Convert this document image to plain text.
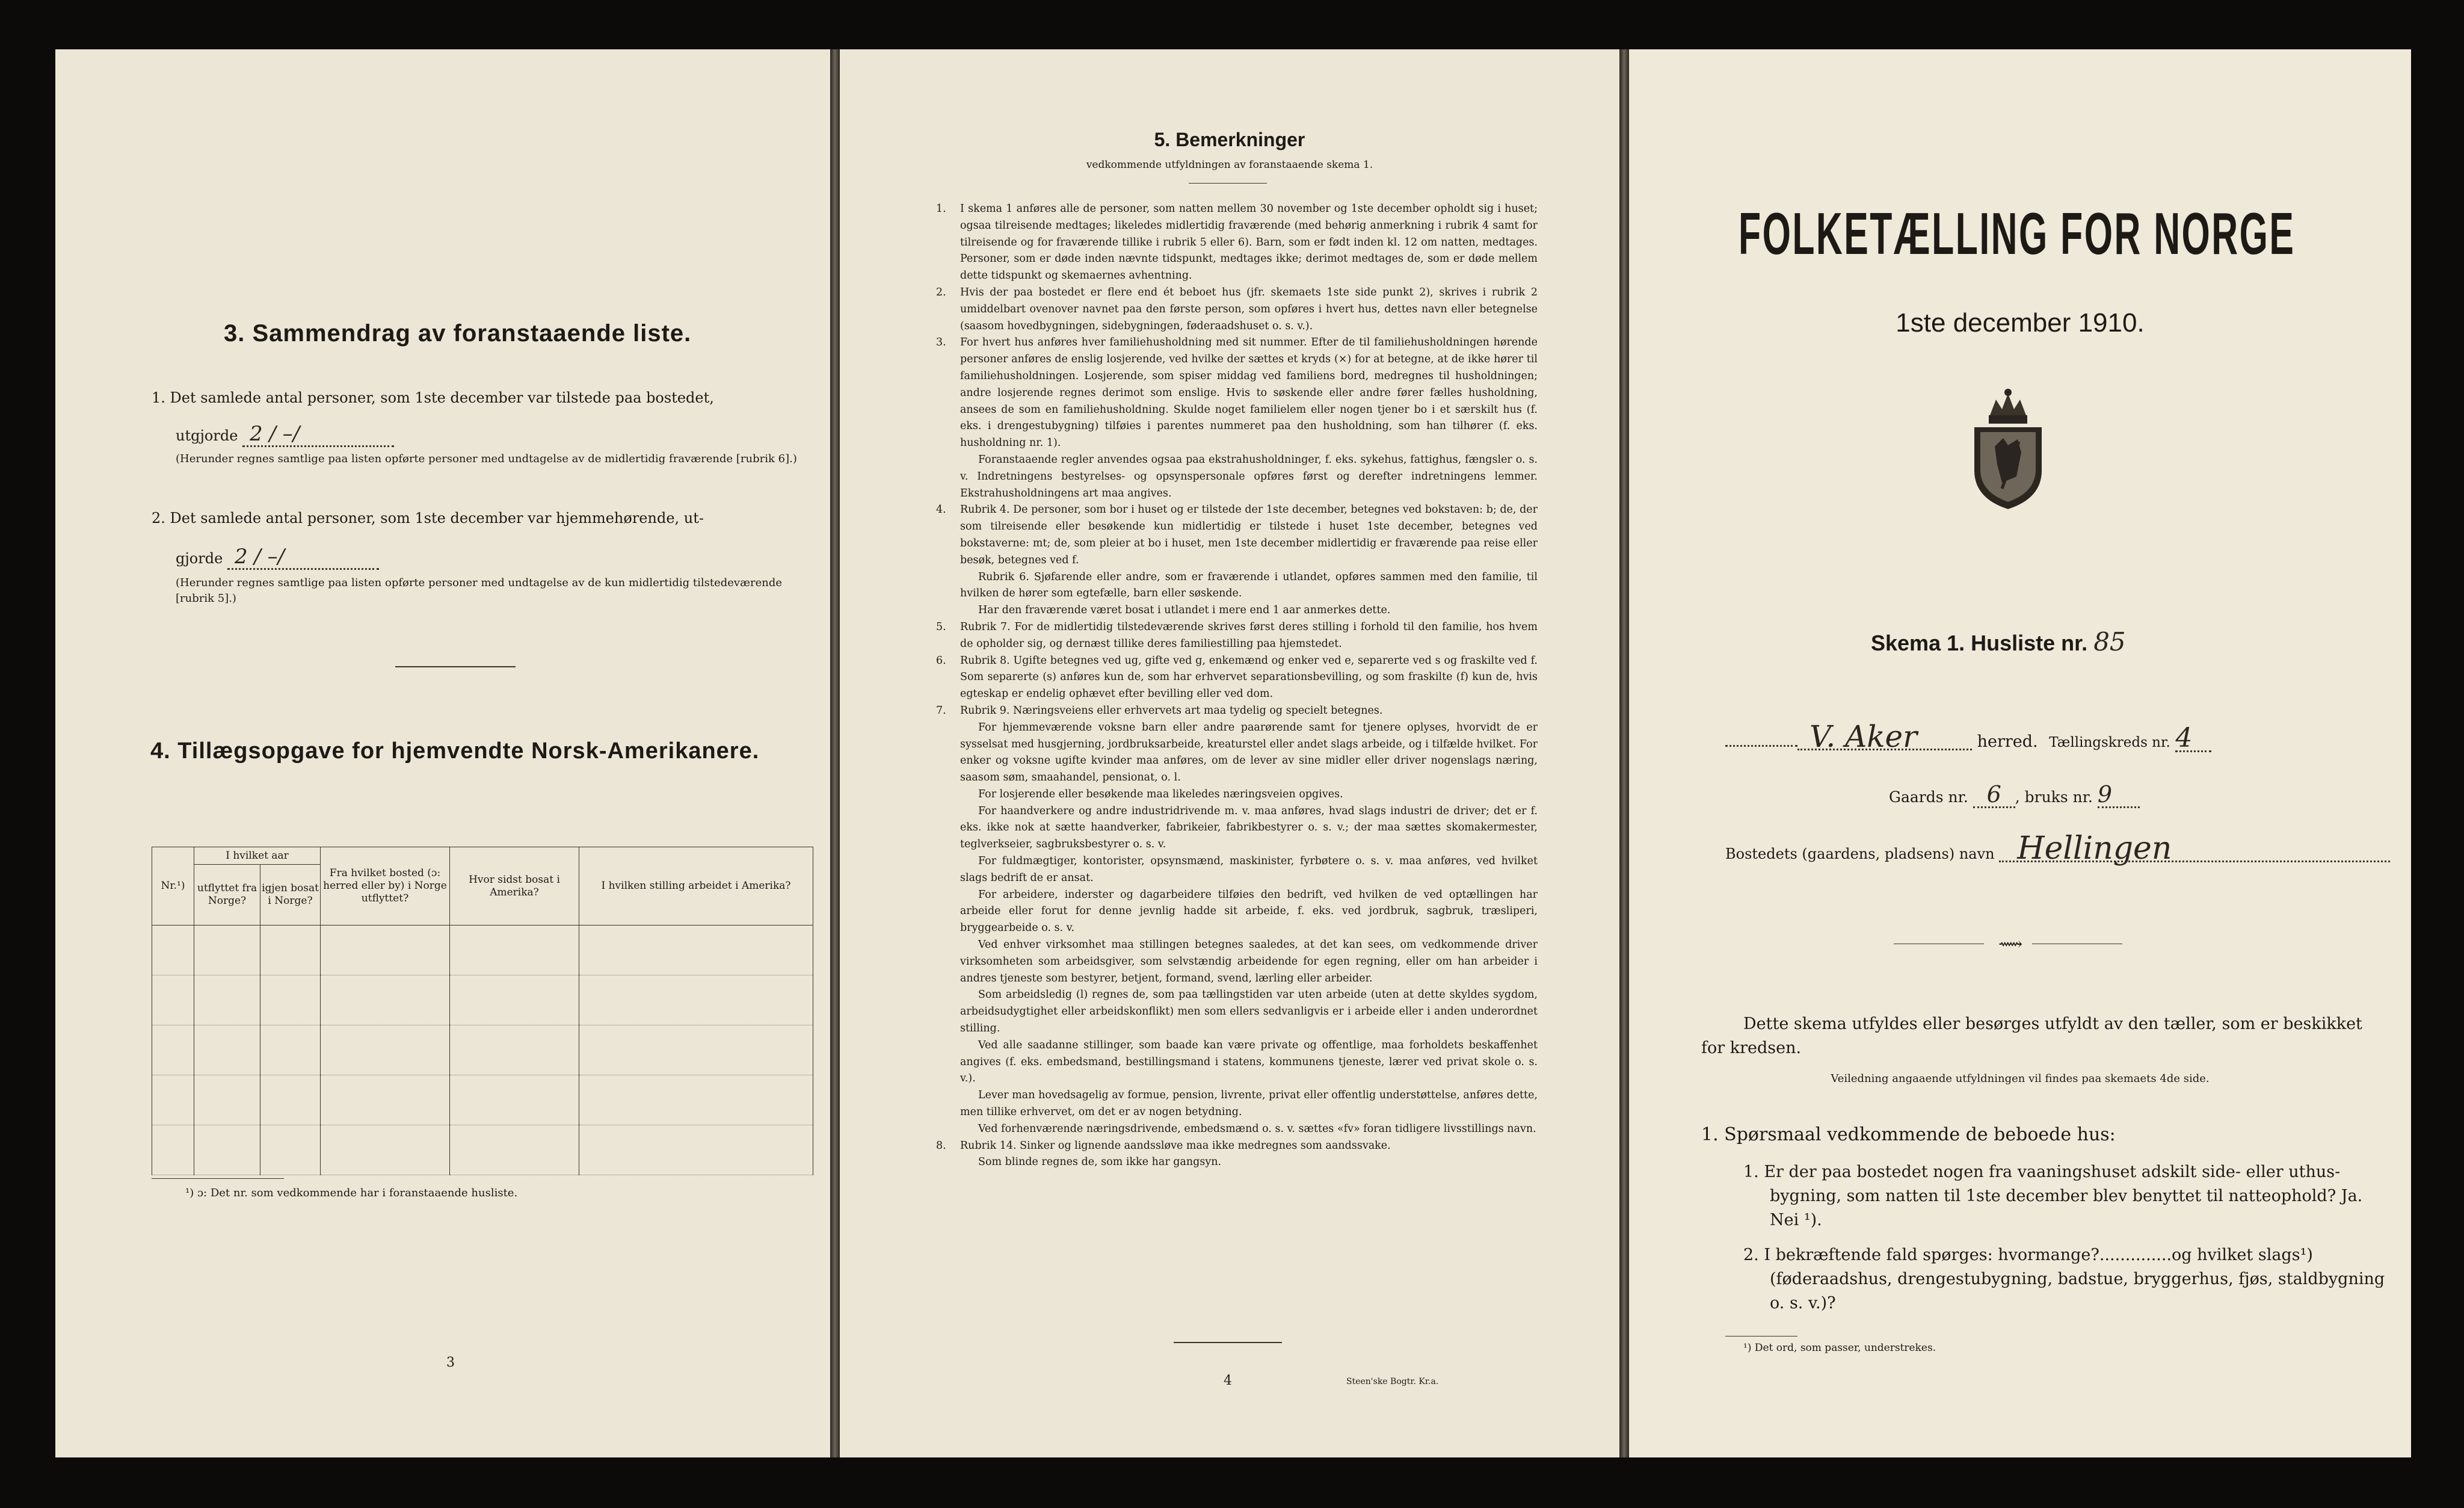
3. Sammendrag av foranstaaende liste.
1. Det samlede antal personer, som 1ste december var tilstede paa bostedet,
utgjorde 2 / –/
(Herunder regnes samtlige paa listen opførte personer med undtagelse av de midlertidig fraværende [rubrik 6].)
2. Det samlede antal personer, som 1ste december var hjemmehørende, ut-
gjorde 2 / –/
(Herunder regnes samtlige paa listen opførte personer med undtagelse av de kun midlertidig tilstedeværende [rubrik 5].)
4. Tillægsopgave for hjemvendte Norsk-Amerikanere.
Nr.¹)	I hvilket aar		Fra hvilket bosted (ɔ: herred eller by) i Norge utflyttet?	Hvor sidst bosat i Amerika?	I hvilken stilling arbeidet i Amerika?
	utflyttet fra Norge?	igjen bosat i Norge?			

¹) ɔ: Det nr. som vedkommende har i foranstaaende husliste.
3
5. Bemerkninger
vedkommende utfyldningen av foranstaaende skema 1.
1. I skema 1 anføres alle de personer, som natten mellem 30 november og 1ste december opholdt sig i huset; ogsaa tilreisende medtages; likeledes midlertidig fraværende (med behørig anmerkning i rubrik 4 samt for tilreisende og for fraværende tillike i rubrik 5 eller 6). Barn, som er født inden kl. 12 om natten, medtages. Personer, som er døde inden nævnte tidspunkt, medtages ikke; derimot medtages de, som er døde mellem dette tidspunkt og skemaernes avhentning.
2. Hvis der paa bostedet er flere end ét beboet hus (jfr. skemaets 1ste side punkt 2), skrives i rubrik 2 umiddelbart ovenover navnet paa den første person, som opføres i hvert hus, dettes navn eller betegnelse (saasom hovedbygningen, sidebygningen, føderaadshuset o. s. v.).
3. For hvert hus anføres hver familiehusholdning med sit nummer. Efter de til familiehusholdningen hørende personer anføres de enslig losjerende, ved hvilke der sættes et kryds (×) for at betegne, at de ikke hører til familiehusholdningen. Losjerende, som spiser middag ved familiens bord, medregnes til husholdningen; andre losjerende regnes derimot som enslige. Hvis to søskende eller andre fører fælles husholdning, ansees de som en familiehusholdning. Skulde noget familielem eller nogen tjener bo i et særskilt hus (f. eks. i drengestubygning) tilføies i parentes nummeret paa den husholdning, som han tilhører (f. eks. husholdning nr. 1).
Foranstaaende regler anvendes ogsaa paa ekstrahusholdninger, f. eks. sykehus, fattighus, fængsler o. s. v. Indretningens bestyrelses- og opsynspersonale opføres først og derefter indretningens lemmer. Ekstrahusholdningens art maa angives.
4. Rubrik 4. De personer, som bor i huset og er tilstede der 1ste december, betegnes ved bokstaven: b; de, der som tilreisende eller besøkende kun midlertidig er tilstede i huset 1ste december, betegnes ved bokstaverne: mt; de, som pleier at bo i huset, men 1ste december midlertidig er fraværende paa reise eller besøk, betegnes ved f.
Rubrik 6. Sjøfarende eller andre, som er fraværende i utlandet, opføres sammen med den familie, til hvilken de hører som egtefælle, barn eller søskende.
Har den fraværende været bosat i utlandet i mere end 1 aar anmerkes dette.
5. Rubrik 7. For de midlertidig tilstedeværende skrives først deres stilling i forhold til den familie, hos hvem de opholder sig, og dernæst tillike deres familiestilling paa hjemstedet.
6. Rubrik 8. Ugifte betegnes ved ug, gifte ved g, enkemænd og enker ved e, separerte ved s og fraskilte ved f. Som separerte (s) anføres kun de, som har erhvervet separationsbevilling, og som fraskilte (f) kun de, hvis egteskap er endelig ophævet efter bevilling eller ved dom.
7. Rubrik 9. Næringsveiens eller erhvervets art maa tydelig og specielt betegnes.
For hjemmeværende voksne barn eller andre paarørende samt for tjenere oplyses, hvorvidt de er sysselsat med husgjerning, jordbruksarbeide, kreaturstel eller andet slags arbeide, og i tilfælde hvilket. For enker og voksne ugifte kvinder maa anføres, om de lever av sine midler eller driver nogenslags næring, saasom søm, smaahandel, pensionat, o. l.
For losjerende eller besøkende maa likeledes næringsveien opgives.
For haandverkere og andre industridrivende m. v. maa anføres, hvad slags industri de driver; det er f. eks. ikke nok at sætte haandverker, fabrikeier, fabrikbestyrer o. s. v.; der maa sættes skomakermester, teglverkseier, sagbruksbestyrer o. s. v.
For fuldmægtiger, kontorister, opsynsmænd, maskinister, fyrbøtere o. s. v. maa anføres, ved hvilket slags bedrift de er ansat.
For arbeidere, inderster og dagarbeidere tilføies den bedrift, ved hvilken de ved optællingen har arbeide eller forut for denne jevnlig hadde sit arbeide, f. eks. ved jordbruk, sagbruk, træsliperi, bryggearbeide o. s. v.
Ved enhver virksomhet maa stillingen betegnes saaledes, at det kan sees, om vedkommende driver virksomheten som arbeidsgiver, som selvstændig arbeidende for egen regning, eller om han arbeider i andres tjeneste som bestyrer, betjent, formand, svend, lærling eller arbeider.
Som arbeidsledig (l) regnes de, som paa tællingstiden var uten arbeide (uten at dette skyldes sygdom, arbeidsudygtighet eller arbeidskonflikt) men som ellers sedvanligvis er i arbeide eller i anden underordnet stilling.
Ved alle saadanne stillinger, som baade kan være private og offentlige, maa forholdets beskaffenhet angives (f. eks. embedsmand, bestillingsmand i statens, kommunens tjeneste, lærer ved privat skole o. s. v.).
Lever man hovedsagelig av formue, pension, livrente, privat eller offentlig understøttelse, anføres dette, men tillike erhvervet, om det er av nogen betydning.
Ved forhenværende næringsdrivende, embedsmænd o. s. v. sættes «fv» foran tidligere livsstillings navn.
8. Rubrik 14. Sinker og lignende aandssløve maa ikke medregnes som aandssvake.
Som blinde regnes de, som ikke har gangsyn.
4	Steen'ske Bogtr. Kr.a.
FOLKETÆLLING FOR NORGE
1ste december 1910.
Skema 1. Husliste nr. 85
V. Aker	herred. Tællingskreds nr. 4
Gaards nr. 6 , bruks nr. 9
Bostedets (gaardens, pladsens) navn Hellingen
⟿
Dette skema utfyldes eller besørges utfyldt av den tæller, som er beskikket for kredsen.
Veiledning angaaende utfyldningen vil findes paa skemaets 4de side.
1. Spørsmaal vedkommende de beboede hus:
1. Er der paa bostedet nogen fra vaaningshuset adskilt side- eller uthus-bygning, som natten til 1ste december blev benyttet til natteophold? Ja. Nei ¹).
2. I bekræftende fald spørges: hvormange?..............og hvilket slags¹) (føderaadshus, drengestubygning, badstue, bryggerhus, fjøs, staldbygning o. s. v.)?
¹) Det ord, som passer, understrekes.
